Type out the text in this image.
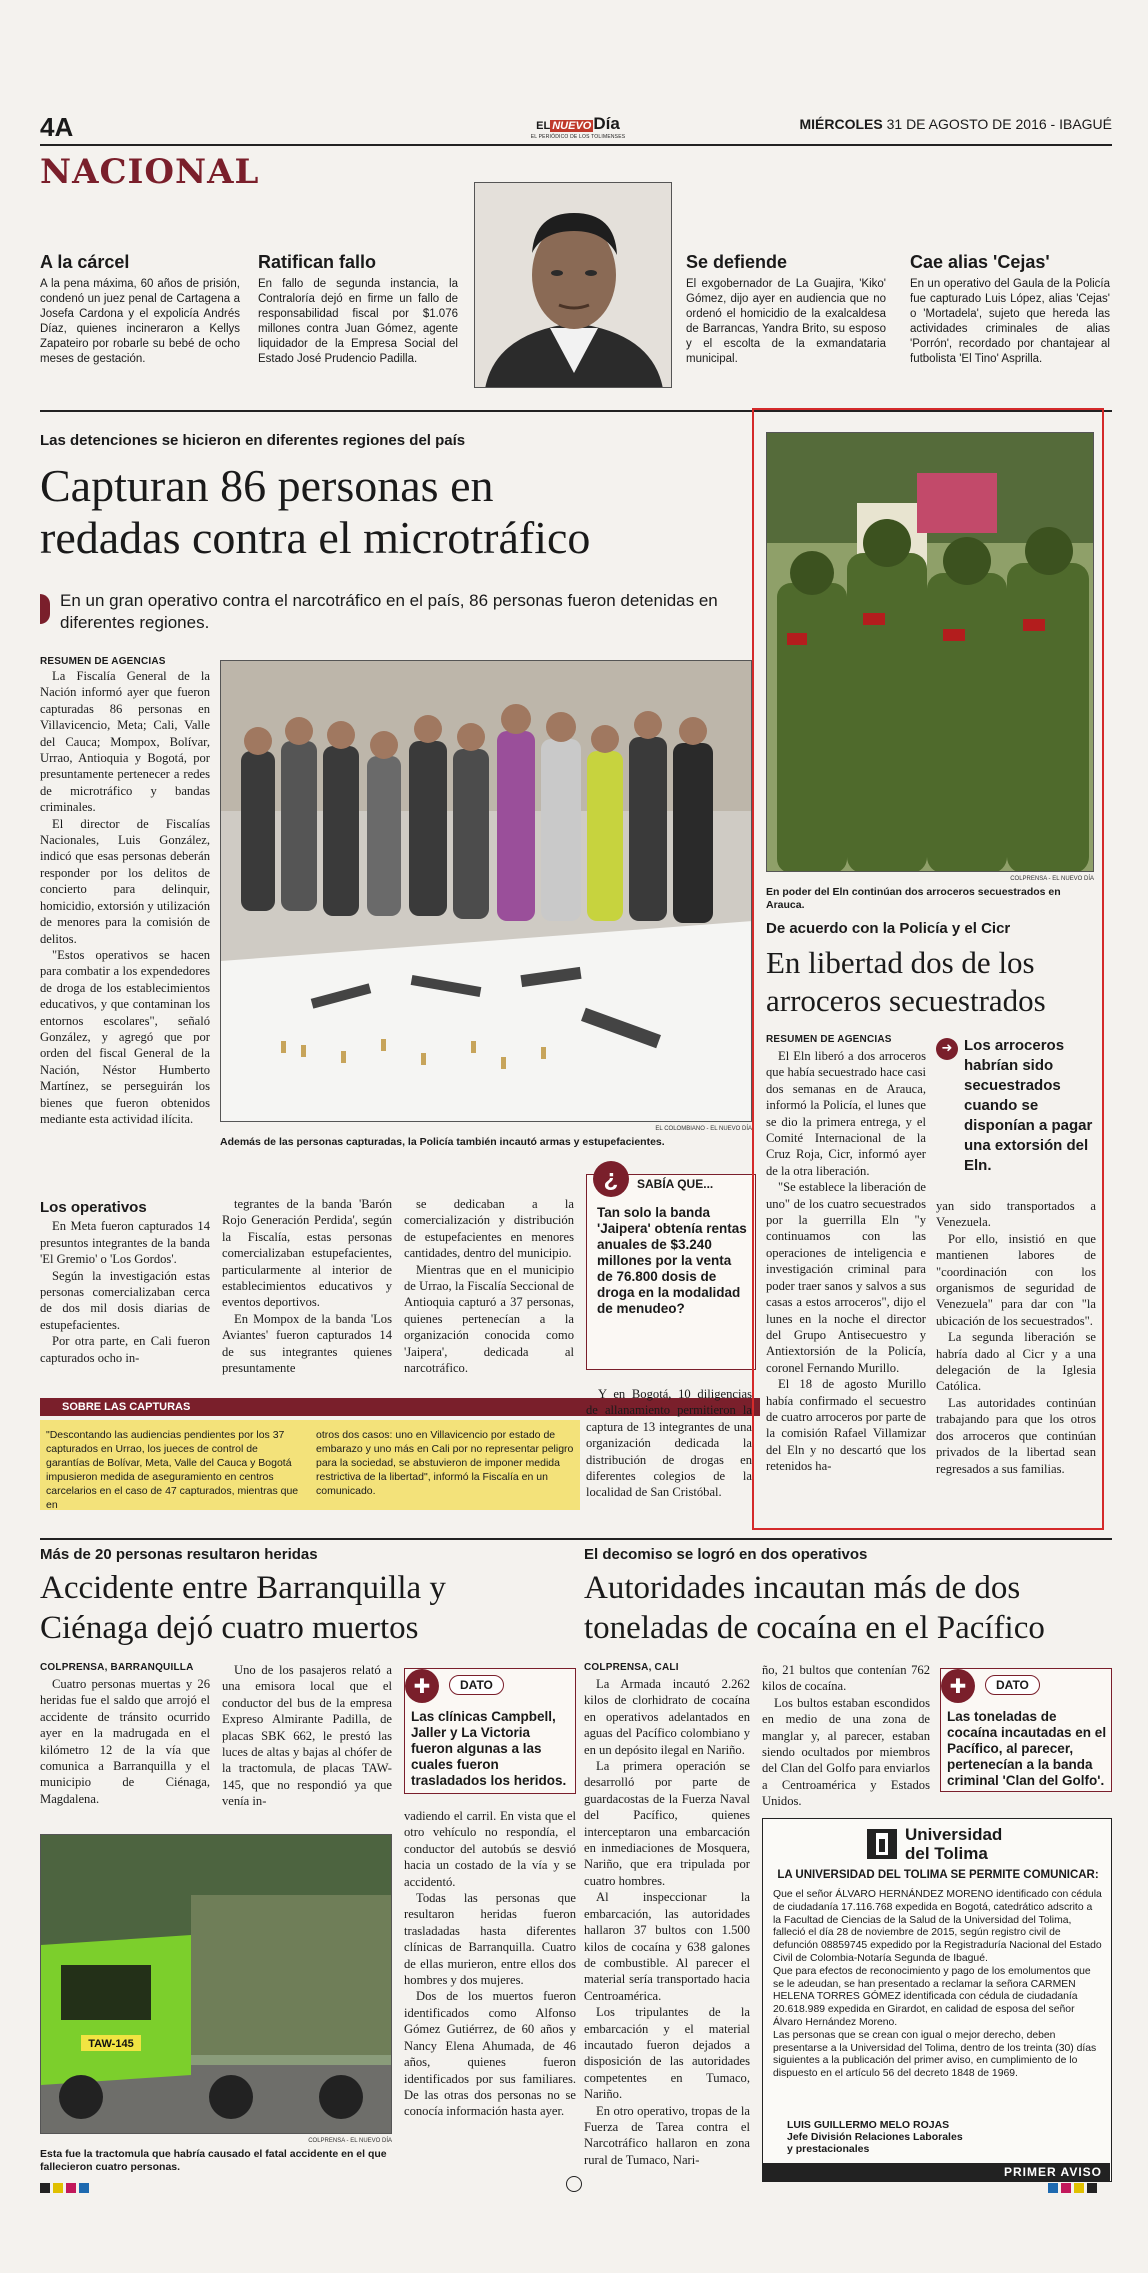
4A	EL NUEVO Día
EL PERIÓDICO DE LOS TOLIMENSES
MIÉRCOLES 31 DE AGOSTO DE 2016 - IBAGUÉ
NACIONAL
A la cárcel

A la pena máxima, 60 años de prisión, condenó un juez penal de Cartagena a Josefa Cardona y el expolicía Andrés Díaz, quienes incineraron a Kellys Zapateiro por robarle su bebé de ocho meses de gestación.

Ratifican fallo

En fallo de segunda instancia, la Contraloría dejó en firme un fallo de responsabilidad fiscal por $1.076 millones contra Juan Gómez, agente liquidador de la Empresa Social del Estado José Prudencio Padilla.

Se defiende

El exgobernador de La Guajira, 'Kiko' Gómez, dijo ayer en audiencia que no ordenó el homicidio de la exalcaldesa de Barrancas, Yandra Brito, su esposo y el escolta de la exmandataria municipal.

Cae alias 'Cejas'

En un operativo del Gaula de la Policía fue capturado Luis López, alias 'Cejas' o 'Mortadela', sujeto que hereda las actividades criminales de alias 'Porrón', recordado por chantajear al futbolista 'El Tino' Asprilla.

Las detenciones se hicieron en diferentes regiones del país
Capturan 86 personas en
redadas contra el microtráfico
En un gran operativo contra el narcotráfico en el país, 86 personas fueron detenidas en diferentes regiones.
RESUMEN DE AGENCIAS

La Fiscalía General de la Nación informó ayer que fueron capturadas 86 personas en Villavicencio, Meta; Cali, Valle del Cauca; Mompox, Bolívar, Urrao, Antioquia y Bogotá, por presuntamente pertenecer a redes de microtráfico y bandas criminales.

El director de Fiscalías Nacionales, Luis González, indicó que esas personas deberán responder por los delitos de concierto para delinquir, homicidio, extorsión y utilización de menores para la comisión de delitos.

"Estos operativos se hacen para combatir a los expendedores de droga de los establecimientos educativos, y que contaminan los entornos escolares", señaló González, y agregó que por orden del fiscal General de la Nación, Néstor Humberto Martínez, se perseguirán los bienes que fueron obtenidos mediante esta actividad ilícita.

EL COLOMBIANO - EL NUEVO DÍA
Además de las personas capturadas, la Policía también incautó armas y estupefacientes.
Los operativos

En Meta fueron capturados 14 presuntos integrantes de la banda 'El Gremio' o 'Los Gordos'.

Según la investigación estas personas comercializaban cerca de dos mil dosis diarias de estupefacientes.

Por otra parte, en Cali fueron capturados ocho in-

tegrantes de la banda 'Barón Rojo Generación Perdida', según la Fiscalía, estas personas comercializaban estupefacientes, particularmente al interior de establecimientos educativos y eventos deportivos.

En Mompox de la banda 'Los Aviantes' fueron capturados 14 de sus integrantes quienes presuntamente

se dedicaban a la comercialización y distribución de estupefacientes en menores cantidades, dentro del municipio.

Mientras que en el municipio de Urrao, la Fiscalía Seccional de Antioquia capturó a 37 personas, quienes pertenecían a la organización conocida como 'Jaipera', dedicada al narcotráfico.

¿	SABÍA QUE...
Tan solo la banda 'Jaipera' obtenía rentas anuales de $3.240 millones por la venta de 76.800 dosis de droga en la modalidad de menudeo?
SOBRE LAS CAPTURAS
"Descontando las audiencias pendientes por los 37 capturados en Urrao, los jueces de control de garantías de Bolívar, Meta, Valle del Cauca y Bogotá impusieron medida de aseguramiento en centros carcelarios en el caso de 47 capturados, mientras que en
otros dos casos: uno en Villavicencio por estado de embarazo y uno más en Cali por no representar peligro para la sociedad, se abstuvieron de imponer medida restrictiva de la libertad", informó la Fiscalía en un comunicado.

Y en Bogotá, 10 diligencias de allanamiento permitieron la captura de 13 integrantes de una organización dedicada la distribución de drogas en diferentes colegios de la localidad de San Cristóbal.

COLPRENSA - EL NUEVO DÍA
En poder del Eln continúan dos arroceros secuestrados en Arauca.
De acuerdo con la Policía y el Cicr
En libertad dos de los
arroceros secuestrados
RESUMEN DE AGENCIAS

El Eln liberó a dos arroceros que había secuestrado hace casi dos semanas en de Arauca, informó la Policía, el lunes que se dio la primera entrega, y el Comité Internacional de la Cruz Roja, Cicr, informó ayer de la otra liberación.

"Se establece la liberación de uno" de los cuatro secuestrados por la guerrilla Eln "y continuamos con las operaciones de inteligencia e investigación criminal para poder traer sanos y salvos a sus casas a estos arroceros", dijo el lunes en la noche el director del Grupo Antisecuestro y Antiextorsión de la Policía, coronel Fernando Murillo.

El 18 de agosto Murillo había confirmado el secuestro de cuatro arroceros por parte de la comisión Rafael Villamizar del Eln y no descartó que los retenidos ha-

➜ Los arroceros habrían sido secuestrados cuando se disponían a pagar una extorsión del Eln.

yan sido transportados a Venezuela.

Por ello, insistió en que mantienen labores de "coordinación con los organismos de seguridad de Venezuela" para dar con "la ubicación de los secuestrados".

La segunda liberación se habría dado al Cicr y a una delegación de la Iglesia Católica.

Las autoridades continúan trabajando para que los otros dos arroceros que continúan privados de la libertad sean regresados a sus familias.

Más de 20 personas resultaron heridas
Accidente entre Barranquilla y
Ciénaga dejó cuatro muertos
COLPRENSA, BARRANQUILLA

Cuatro personas muertas y 26 heridas fue el saldo que arrojó el accidente de tránsito ocurrido ayer en la madrugada en el kilómetro 12 de la vía que comunica a Barranquilla y el municipio de Ciénaga, Magdalena.

Uno de los pasajeros relató a una emisora local que el conductor del bus de la empresa Expreso Almirante Padilla, de placas SBK 662, le prestó las luces de altas y bajas al chófer de la tractomula, de placas TAW-145, que no respondió ya que venía in-

✚	DATO
Las clínicas Campbell, Jaller y La Victoria fueron algunas a las cuales fueron trasladados los heridos.

vadiendo el carril. En vista que el otro vehículo no respondía, el conductor del autobús se desvió hacia un costado de la vía y se accidentó.

Todas las personas que resultaron heridas fueron trasladadas hasta diferentes clínicas de Barranquilla. Cuatro de ellas murieron, entre ellos dos hombres y dos mujeres.

Dos de los muertos fueron identificados como Alfonso Gómez Gutiérrez, de 60 años y Nancy Elena Ahumada, de 46 años, quienes fueron identificados por sus familiares. De las otras dos personas no se conocía información hasta ayer.

TAW-145
COLPRENSA - EL NUEVO DÍA
Esta fue la tractomula que habría causado el fatal accidente en el que fallecieron cuatro personas.
El decomiso se logró en dos operativos
Autoridades incautan más de dos
toneladas de cocaína en el Pacífico
COLPRENSA, CALI

La Armada incautó 2.262 kilos de clorhidrato de cocaína en operativos adelantados en aguas del Pacífico colombiano y en un depósito ilegal en Nariño.

La primera operación se desarrolló por parte de guardacostas de la Fuerza Naval del Pacífico, quienes interceptaron una embarcación en inmediaciones de Mosquera, Nariño, que era tripulada por cuatro hombres.

Al inspeccionar la embarcación, las autoridades hallaron 37 bultos con 1.500 kilos de cocaína y 638 galones de combustible. Al parecer el material sería transportado hacia Centroamérica.

Los tripulantes de la embarcación y el material incautado fueron dejados a disposición de las autoridades competentes en Tumaco, Nariño.

En otro operativo, tropas de la Fuerza de Tarea contra el Narcotráfico hallaron en zona rural de Tumaco, Nari-

ño, 21 bultos que contenían 762 kilos de cocaína.

Los bultos estaban escondidos en medio de una zona de manglar y, al parecer, estaban siendo ocultados por miembros del Clan del Golfo para enviarlos a Centroamérica y Estados Unidos.

✚	DATO
Las toneladas de cocaína incautadas en el Pacífico, al parecer, pertenecían a la banda criminal 'Clan del Golfo'.
Universidad
del Tolima
LA UNIVERSIDAD DEL TOLIMA SE PERMITE COMUNICAR:

Que el señor ÁLVARO HERNÁNDEZ MORENO identificado con cédula de ciudadanía 17.116.768 expedida en Bogotá, catedrático adscrito a la Facultad de Ciencias de la Salud de la Universidad del Tolima, falleció el día 28 de noviembre de 2015, según registro civil de defunción 08859745 expedido por la Registraduría Nacional del Estado Civil de Colombia-Notaría Segunda de Ibagué.

Que para efectos de reconocimiento y pago de los emolumentos que se le adeudan, se han presentado a reclamar la señora CARMEN HELENA TORRES GÓMEZ identificada con cédula de ciudadanía 20.618.989 expedida en Girardot, en calidad de esposa del señor Álvaro Hernández Moreno.

Las personas que se crean con igual o mejor derecho, deben presentarse a la Universidad del Tolima, dentro de los treinta (30) días siguientes a la publicación del primer aviso, en cumplimiento de lo dispuesto en el artículo 56 del decreto 1848 de 1969.

LUIS GUILLERMO MELO ROJAS
Jefe División Relaciones Laborales
y prestacionales
PRIMER AVISO
